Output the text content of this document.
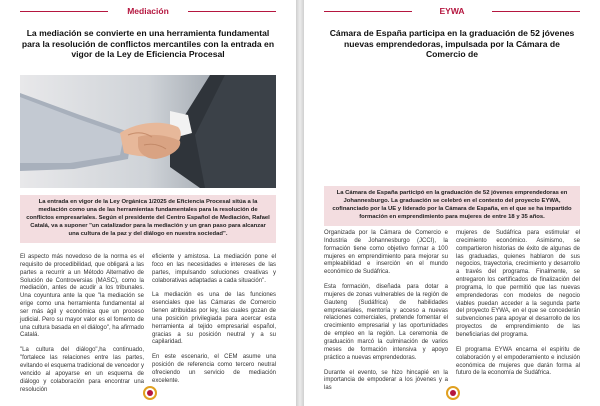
Mediación
La mediación se convierte en una herramienta fundamental para la resolución de conflictos mercantiles con la entrada en vigor de la Ley de Eficiencia Procesal
La entrada en vigor de la Ley Orgánica 1/2025 de Eficiencia Procesal sitúa a la mediación como una de las herramientas fundamentales para la resolución de conflictos empresariales. Según el presidente del Centro Español de Mediación, Rafael Catalá, va a suponer "un catalizador para la mediación y un gran paso para alcanzar una cultura de la paz y del diálogo en nuestra sociedad".

El aspecto más novedoso de la norma es el requisito de procedibilidad, que obligará a las partes a recurrir a un Método Alternativo de Solución de Controversias (MASC), como la mediación, antes de acudir a los tribunales. Una coyuntura ante la que "la mediación se erige como una herramienta fundamental al ser más ágil y económica que un proceso judicial. Pero su mayor valor es el fomento de una cultura basada en el diálogo", ha afirmado Catalá.

"La cultura del diálogo",ha continuado, "fortalece las relaciones entre las partes, evitando el esquema tradicional de vencedor y vencido al apoyarse en un esquema de diálogo y colaboración para encontrar una resolución

eficiente y amistosa. La mediación pone el foco en las necesidades e intereses de las partes, impulsando soluciones creativas y colaborativas adaptadas a cada situación".

La mediación es una de las funciones esenciales que las Cámaras de Comercio tienen atribuidas por ley, las cuales gozan de una posición privilegiada para acercar esta herramienta al tejido empresarial español, gracias a su posición neutral y a su capilaridad.

En este escenario, el CEM asume una posición de referencia como tercero neutral ofreciendo un servicio de mediación excelente.

EYWA
Cámara de España participa en la graduación de 52 jóvenes nuevas emprendedoras, impulsada por la Cámara de Comercio de
La Cámara de España participó en la graduación de 52 jóvenes emprendedoras en Johannesburgo. La graduación se celebró en el contexto del proyecto EYWA, cofinanciado por la UE y liderado por la Cámara de España, en el que se ha impartido formación en emprendimiento para mujeres de entre 18 y 35 años.

Organizada por la Cámara de Comercio e Industria de Johannesburgo (JCCI), la formación tiene como objetivo formar a 100 mujeres en emprendimiento para mejorar su empleabilidad e inserción en el mundo económico de Sudáfrica.

Esta formación, diseñada para dotar a mujeres de zonas vulnerables de la región de Gauteng (Sudáfrica) de habilidades empresariales, mentoría y acceso a nuevas relaciones comerciales, pretende fomentar el crecimiento empresarial y las oportunidades de empleo en la región. La ceremonia de graduación marcó la culminación de varios meses de formación intensiva y apoyo práctico a nuevas emprendedoras.

Durante el evento, se hizo hincapié en la importancia de empoderar a los jóvenes y a las

mujeres de Sudáfrica para estimular el crecimiento económico. Asimismo, se compartieron historias de éxito de algunas de las graduadas, quienes hablaron de sus negocios, trayectoria, crecimiento y desarrollo a través del programa. Finalmente, se entregaron los certificados de finalización del programa, lo que permitió que las nuevas emprendedoras con modelos de negocio viables puedan acceder a la segunda parte del proyecto EYWA, en el que se concederán subvenciones para apoyar el desarrollo de los proyectos de emprendimiento de las beneficiarias del programa.

El programa EYWA encarna el espíritu de colaboración y el empoderamiento e inclusión económica de mujeres que darán forma al futuro de la economía de Sudáfrica.
